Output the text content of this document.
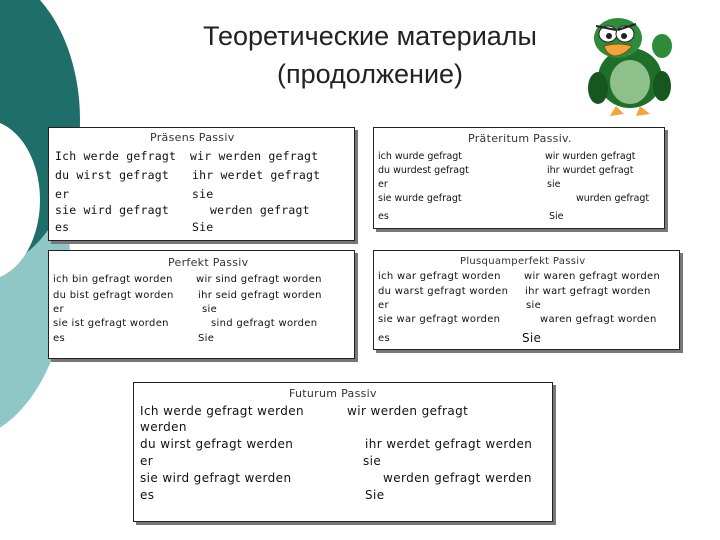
Теоретические материалы
(продолжение)
Präsens Passiv
Ich werde gefragt
du wirst gefragt
er
sie wird gefragt
es
wir werden gefragt
ihr werdet gefragt
sie
werden gefragt
Sie
Präteritum Passiv.
ich wurde gefragt
du wurdest gefragt
er
sie wurde gefragt
es
wir wurden gefragt
ihr wurdet gefragt
sie
wurden gefragt
Sie
Perfekt Passiv
ich bin gefragt worden
du bist gefragt worden
er
sie ist gefragt worden
es
wir sind gefragt worden
ihr seid gefragt worden
sie
sind gefragt worden
Sie
Plusquamperfekt Passiv
ich war gefragt worden
du warst gefragt worden
er
sie war gefragt worden
es
wir waren gefragt worden
ihr wart gefragt worden
sie
waren gefragt worden
Sie
Futurum Passiv
Ich werde gefragt werden
werden
du wirst gefragt werden
er
sie wird gefragt werden
es
wir werden gefragt
ihr werdet gefragt werden
sie
werden gefragt werden
Sie
